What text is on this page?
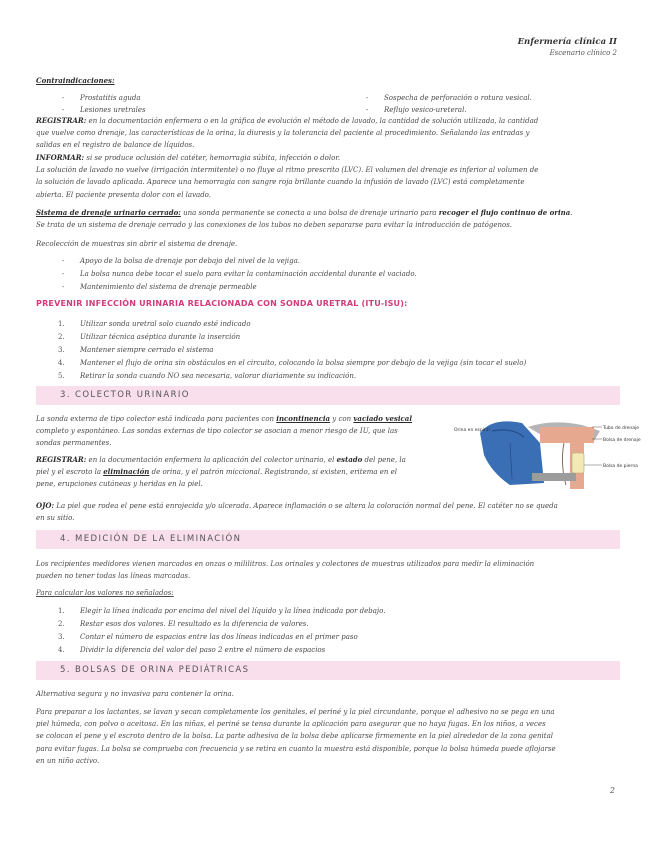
Enfermería clínica II
Escenario clínico 2
Contraindicaciones:
- Prostatitis aguda
- Lesiones uretrales
- Sospecha de perforación o rotura vesical.
- Reflujo vesico-ureteral.
REGISTRAR: en la documentación enfermera o en la gráfica de evolución el método de lavado, la cantidad de solución utilizada, la cantidad
que vuelve como drenaje, las características de la orina, la diuresis y la tolerancia del paciente al procedimiento. Señalando las entradas y
salidas en el registro de balance de líquidos.
INFORMAR: si se produce oclusión del catéter, hemorragia súbita, infección o dolor.
La solución de lavado no vuelve (irrigación intermitente) o no fluye al ritmo prescrito (LVC). El volumen del drenaje es inferior al volumen de
la solución de lavado aplicada. Aparece una hemorragia con sangre roja brillante cuando la infusión de lavado (LVC) está completamente
abierta. El paciente presenta dolor con el lavado.
Sistema de drenaje urinario cerrado: una sonda permanente se conecta a una bolsa de drenaje urinario para recoger el flujo continuo de orina.
Se trata de un sistema de drenaje cerrado y las conexiones de los tubos no deben separarse para evitar la introducción de patógenos.
Recolección de muestras sin abrir el sistema de drenaje.
- Apoyo de la bolsa de drenaje por debajo del nivel de la vejiga.
- La bolsa nunca debe tocar el suelo para evitar la contaminación accidental durante el vaciado.
- Mantenimiento del sistema de drenaje permeable
PREVENIR INFECCIÓN URINARIA RELACIONADA CON SONDA URETRAL (ITU-ISU):
1. Utilizar sonda uretral solo cuando esté indicado
2. Utilizar técnica aséptica durante la inserción
3. Mantener siempre cerrado el sistema
4. Mantener el flujo de orina sin obstáculos en el circuito, colocando la bolsa siempre por debajo de la vejiga (sin tocar el suelo)
5. Retirar la sonda cuando NO sea necesaria, valorar diariamente su indicación.
3. COLECTOR URINARIO
La sonda externa de tipo colector está indicada para pacientes con incontinencia y con vaciado vesical
completo y espontáneo. Las sondas externas de tipo colector se asocian a menor riesgo de IU, que las
sondas permanentes.
REGISTRAR: en la documentación enfermera la aplicación del colector urinario, el estado del pene, la
piel y el escroto la eliminación de orina, y el patrón miccional. Registrando, si existen, eritema en el
pene, erupciones cutáneas y heridas en la piel.
OJO: La piel que rodea el pene está enrojecida y/o ulcerada. Aparece inflamación o se altera la coloración normal del pene. El catéter no se queda
en su sitio.
Orina en espiral	Tubo de drenaje
Bolsa de drenaje
Bolsa de pierna
4. MEDICIÓN DE LA ELIMINACIÓN
Los recipientes medidores vienen marcados en onzas o mililitros. Los orinales y colectores de muestras utilizados para medir la eliminación
pueden no tener todas las líneas marcadas.
Para calcular los valores no señalados:
1. Elegir la línea indicada por encima del nivel del líquido y la línea indicada por debajo.
2. Restar esos dos valores. El resultado es la diferencia de valores.
3. Contar el número de espacios entre las dos líneas indicadas en el primer paso
4. Dividir la diferencia del valor del paso 2 entre el número de espacios
5. BOLSAS DE ORINA PEDIÁTRICAS
Alternativa segura y no invasiva para contener la orina.
Para preparar a los lactantes, se lavan y secan completamente los genitales, el periné y la piel circundante, porque el adhesivo no se pega en una
piel húmeda, con polvo o aceitosa. En las niñas, el periné se tensa durante la aplicación para asegurar que no haya fugas. En los niños, a veces
se colocan el pene y el escroto dentro de la bolsa. La parte adhesiva de la bolsa debe aplicarse firmemente en la piel alrededor de la zona genital
para evitar fugas. La bolsa se comprueba con frecuencia y se retira en cuanto la muestra está disponible, porque la bolsa húmeda puede aflojarse
en un niño activo.
2
